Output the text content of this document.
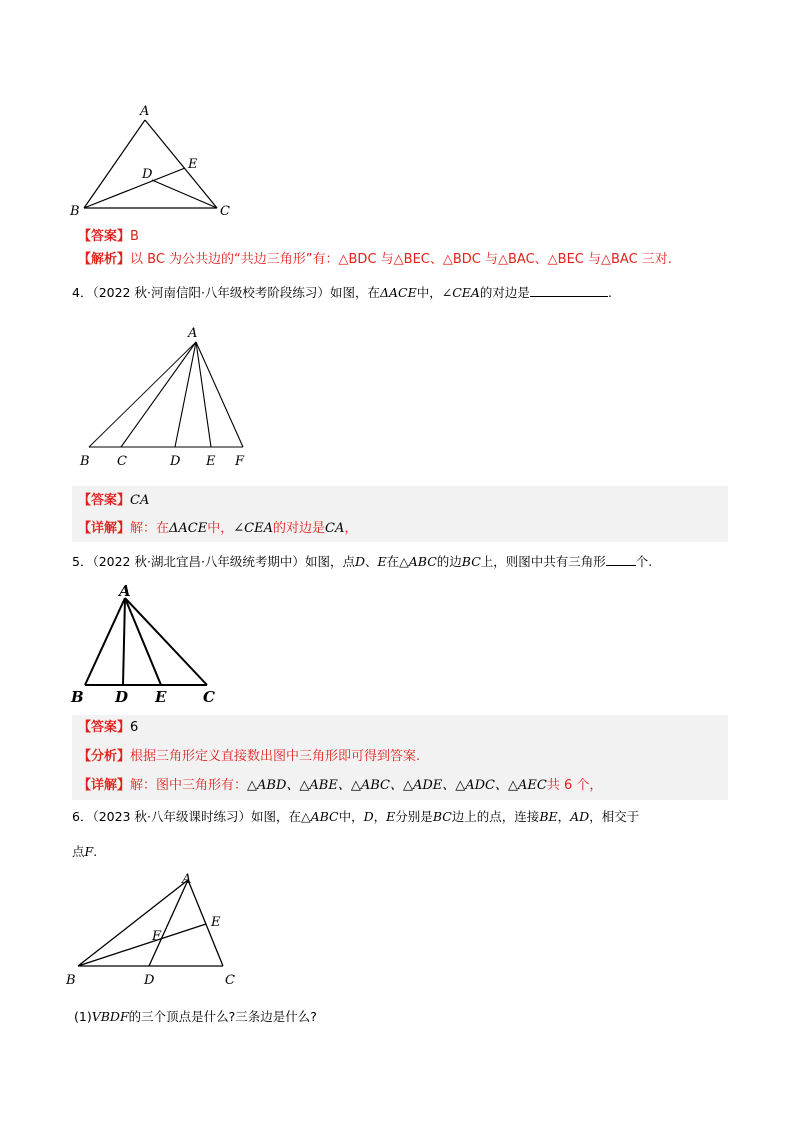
A
B	C
D
E
【答案】B
【解析】以 BC 为公共边的“共边三角形”有：△BDC 与△BEC、△BDC 与△BAC、△BEC 与△BAC 三对.
4．（2022 秋·河南信阳·八年级校考阶段练习）如图，在ΔACE中，∠CEA的对边是	.
A
B C	D E F
【答案】CA
【详解】解：在ΔACE中，∠CEA的对边是CA，
5．（2022 秋·湖北宜昌·八年级统考期中）如图，点D、E在△ABC的边BC上，则图中共有三角形 个.
A
B D E C
【答案】6
【分析】根据三角形定义直接数出图中三角形即可得到答案.
【详解】解：图中三角形有：△ABD、△ABE、△ABC、△ADE、△ADC、△AEC共 6 个，
6．（2023 秋·八年级课时练习）如图，在△ABC中，D，E分别是BC边上的点，连接BE，AD，相交于
点F.
A
B	D	C
E
F
(1)VBDF的三个顶点是什么?三条边是什么?
